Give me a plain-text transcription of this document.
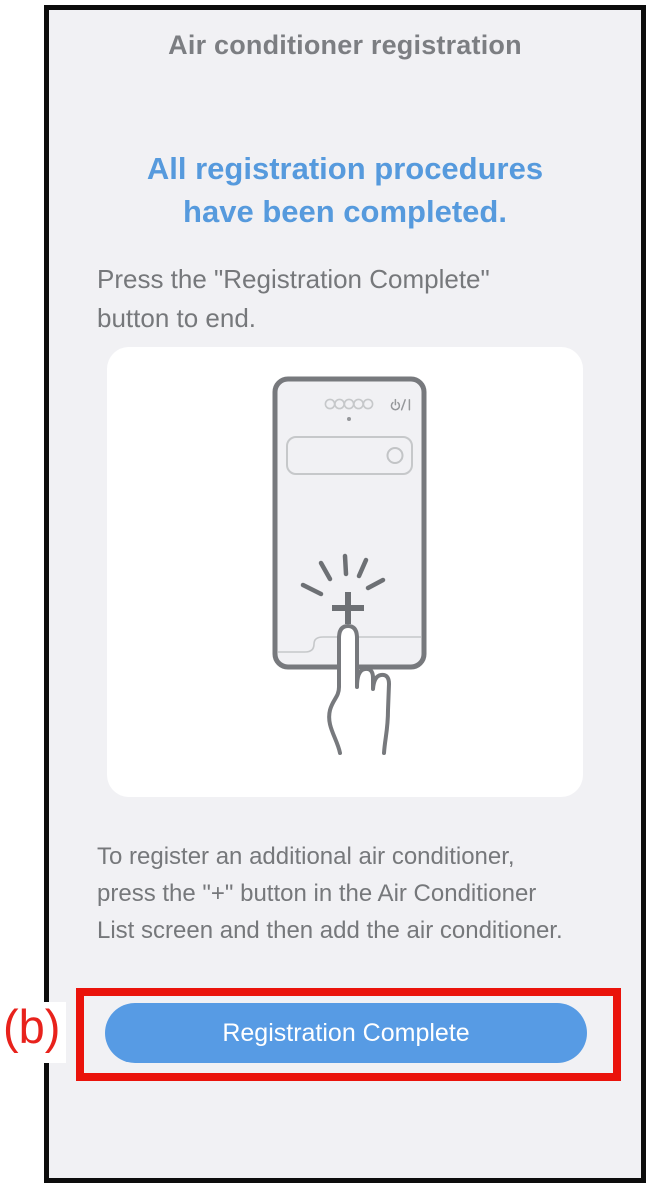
Air conditioner registration
All registration procedures
have been completed.
Press the "Registration Complete"
button to end.
To register an additional air conditioner,
press the "+" button in the Air Conditioner
List screen and then add the air conditioner.
Registration Complete
(b)
